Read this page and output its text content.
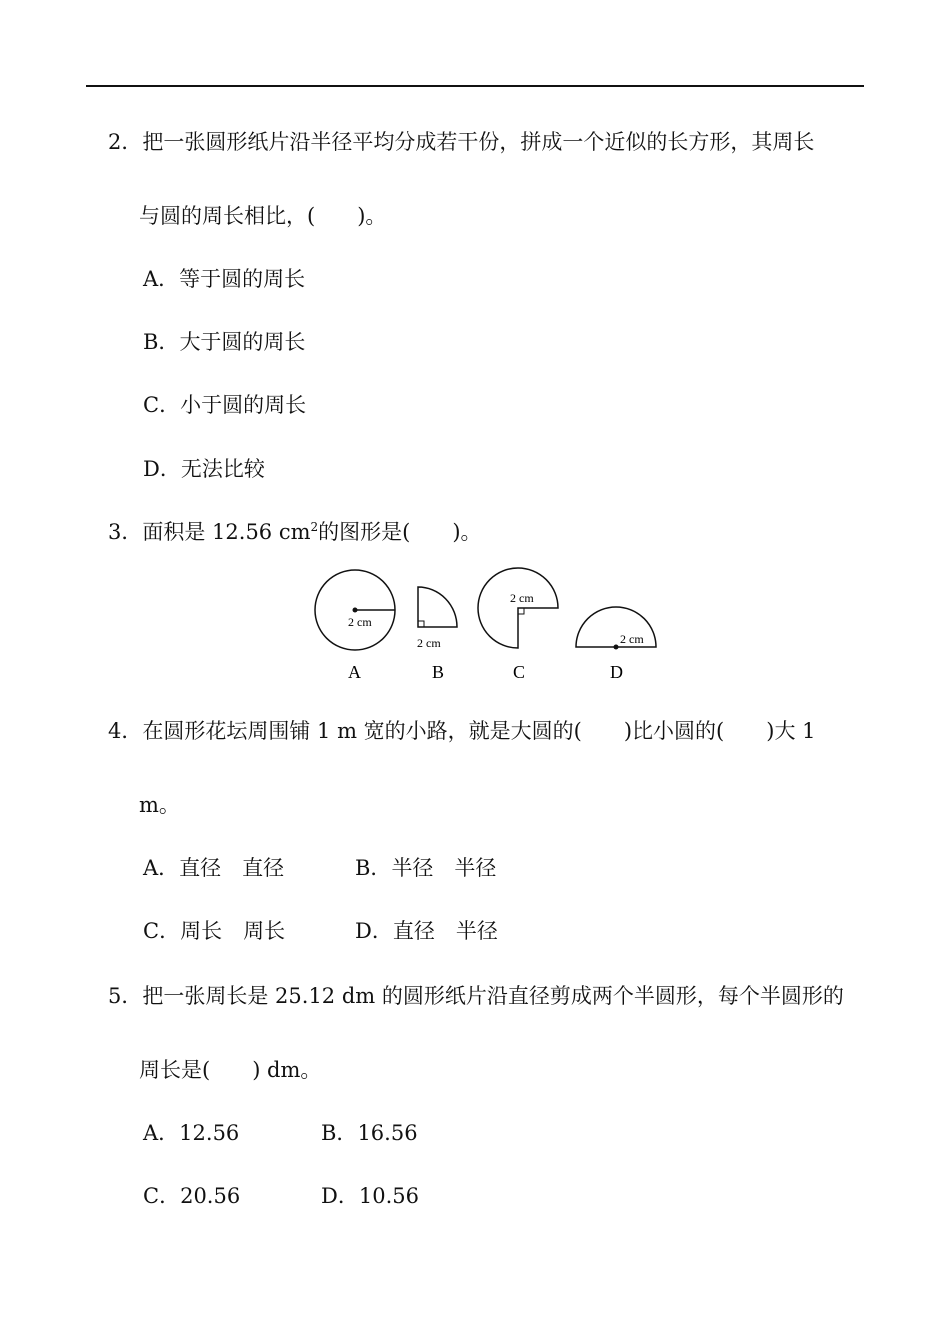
2．把一张圆形纸片沿半径平均分成若干份，拼成一个近似的长方形，其周长
与圆的周长相比，(　　)。
A．等于圆的周长
B．大于圆的周长
C．小于圆的周长
D．无法比较
3．面积是 12.56 $cm^2$的图形是(　　)。
2 cm
A
2 cm
B
2 cm
C
2 cm
D
4．在圆形花坛周围铺 1 m 宽的小路，就是大圆的(　　)比小圆的(　　)大 1
m。
A．直径　直径	B．半径　半径
C．周长　周长	D．直径　半径
5．把一张周长是 25.12 dm 的圆形纸片沿直径剪成两个半圆形，每个半圆形的
周长是(　　) dm。
A．12.56	B．16.56
C．20.56	D．10.56
